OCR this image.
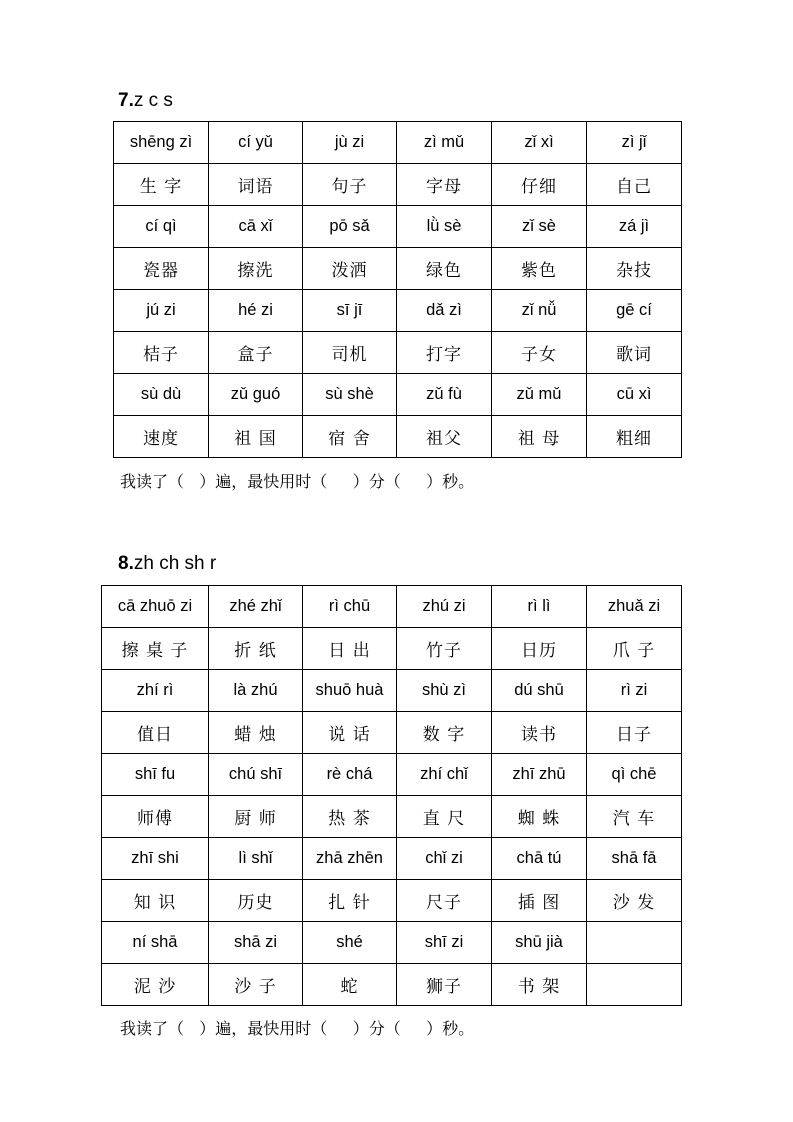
7.z c s
shēng zì	cí yǔ	jù zi	zì mǔ	zǐ xì	zì jǐ
生 字	词语	句子	字母	仔细	自己
cí qì	cā xǐ	pō sǎ	lǜ sè	zǐ sè	zá jì
瓷器	擦洗	泼洒	绿色	紫色	杂技
jú zi	hé zi	sī jī	dǎ zì	zǐ nǚ	gē cí
桔子	盒子	司机	打字	子女	歌词
sù dù	zǔ guó	sù shè	zǔ fù	zǔ mǔ	cū xì
速度	祖 国	宿 舍	祖父	祖 母	粗细
我读了（   ）遍，最快用时（     ）分（     ）秒。
8.zh ch sh r
cā zhuō zi	zhé zhǐ	rì chū	zhú zi	rì lì	zhuǎ zi
擦 桌 子	折 纸	日 出	竹子	日历	爪 子
zhí rì	là zhú	shuō huà	shù zì	dú shū	rì zi
值日	蜡 烛	说 话	数 字	读书	日子
shī fu	chú shī	rè chá	zhí chǐ	zhī zhū	qì chē
师傅	厨 师	热 茶	直 尺	蜘 蛛	汽 车
zhī shi	lì shǐ	zhā zhēn	chǐ zi	chā tú	shā fā
知 识	历史	扎 针	尺子	插 图	沙 发
ní shā	shā zi	shé	shī zi	shū jià	
泥 沙	沙 子	蛇	狮子	书 架	
我读了（   ）遍，最快用时（     ）分（     ）秒。
